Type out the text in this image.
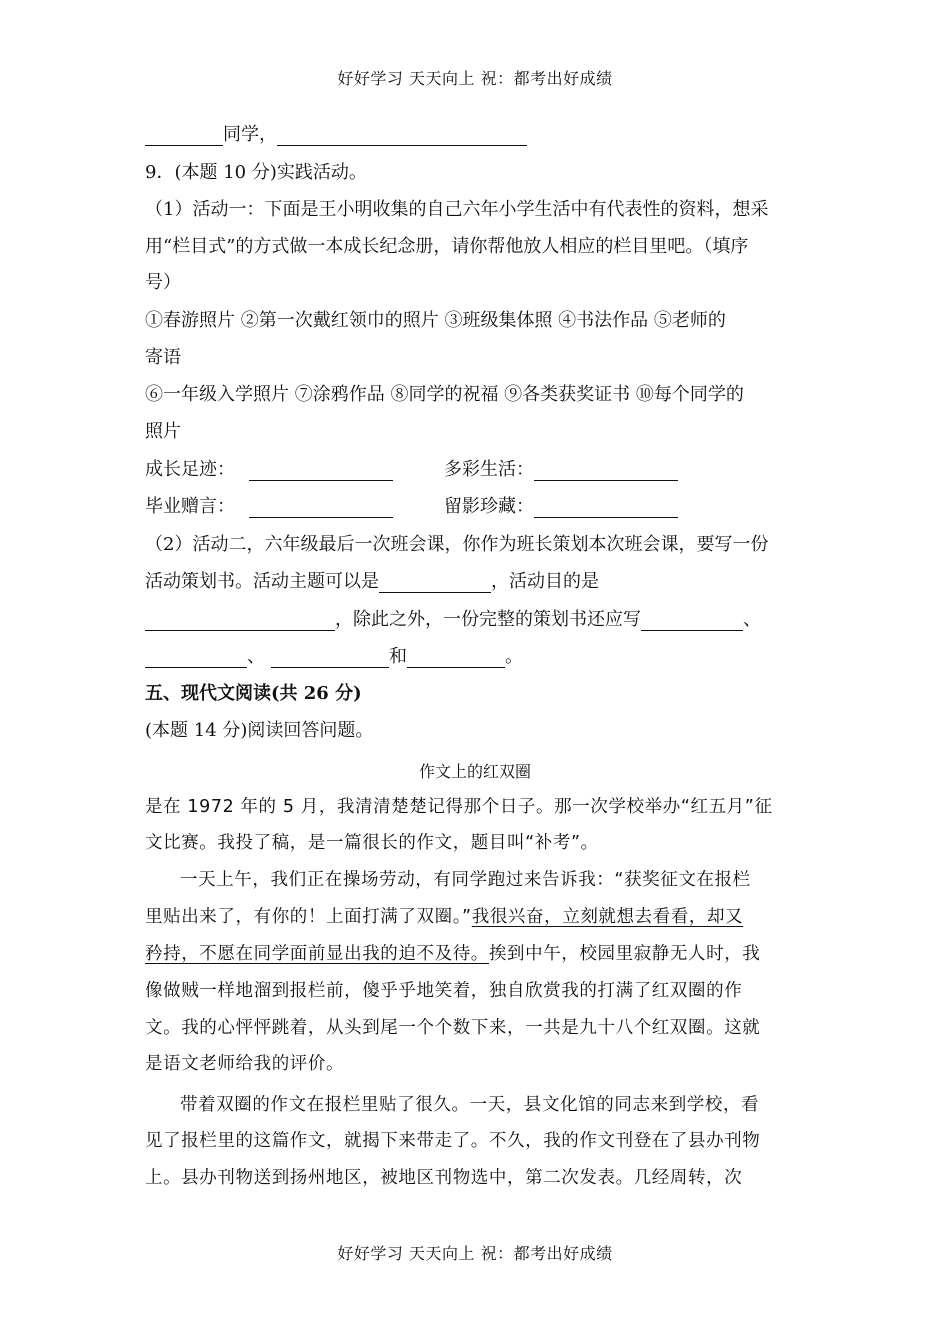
好好学习 天天向上 祝：都考出好成绩
同学，
9．(本题 10 分)实践活动。
（1）活动一：下面是王小明收集的自己六年小学生活中有代表性的资料，想采
用“栏目式”的方式做一本成长纪念册，请你帮他放人相应的栏目里吧。（填序
号）
①春游照片 ②第一次戴红领巾的照片 ③班级集体照 ④书法作品 ⑤老师的
寄语
⑥一年级入学照片 ⑦涂鸦作品 ⑧同学的祝福 ⑨各类获奖证书 ⑩每个同学的
照片
成长足迹：	多彩生活：
毕业赠言：	留影珍藏：
（2）活动二，六年级最后一次班会课，你作为班长策划本次班会课，要写一份
活动策划书。活动主题可以是	，活动目的是
，除此之外，一份完整的策划书还应写	、
、	和	。
五、现代文阅读(共 26 分)
(本题 14 分)阅读回答问题。
作文上的红双圈
是在 1972 年的 5 月，我清清楚楚记得那个日子。那一次学校举办“红五月”征
文比赛。我投了稿，是一篇很长的作文，题目叫“补考”。
一天上午，我们正在操场劳动，有同学跑过来告诉我：“获奖征文在报栏
里贴出来了，有你的！上面打满了双圈。”我很兴奋，立刻就想去看看，却又
矜持，不愿在同学面前显出我的迫不及待。挨到中午，校园里寂静无人时，我
像做贼一样地溜到报栏前，傻乎乎地笑着，独自欣赏我的打满了红双圈的作
文。我的心怦怦跳着，从头到尾一个个数下来，一共是九十八个红双圈。这就
是语文老师给我的评价。
带着双圈的作文在报栏里贴了很久。一天，县文化馆的同志来到学校，看
见了报栏里的这篇作文，就揭下来带走了。不久，我的作文刊登在了县办刊物
上。县办刊物送到扬州地区，被地区刊物选中，第二次发表。几经周转，次
好好学习 天天向上 祝：都考出好成绩
